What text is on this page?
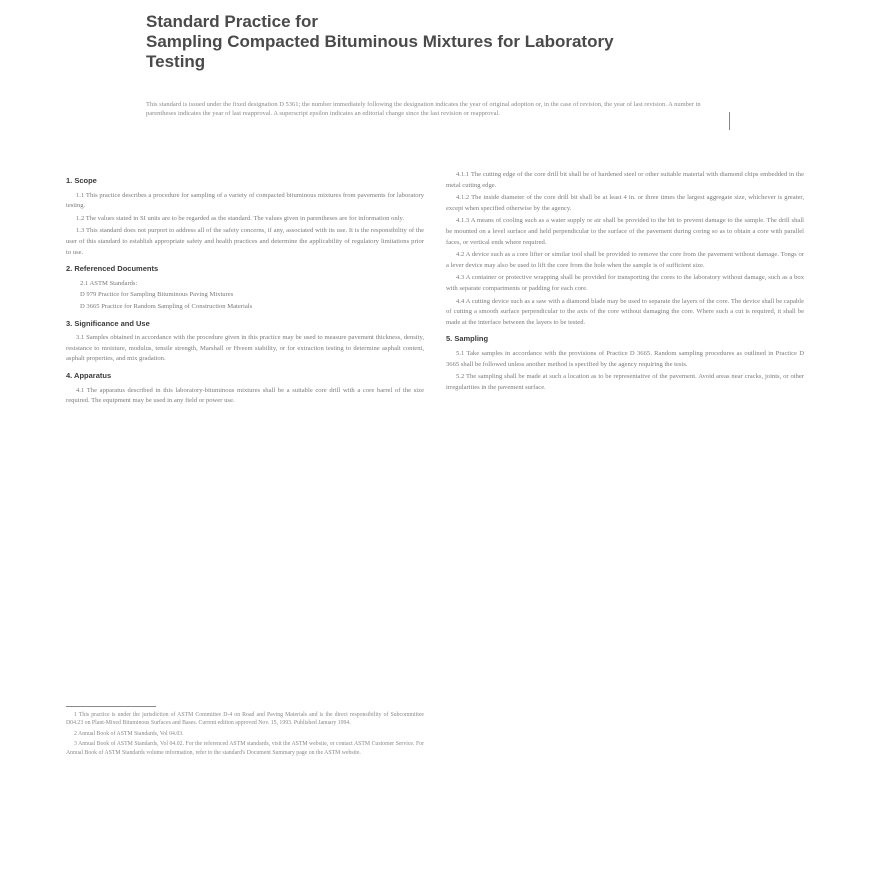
Standard Practice for
Sampling Compacted Bituminous Mixtures for Laboratory
Testing
This standard is issued under the fixed designation D 5361; the number immediately following the designation indicates the year of original adoption or, in the case of revision, the year of last revision. A number in parentheses indicates the year of last reapproval. A superscript epsilon indicates an editorial change since the last revision or reapproval.
1. Scope

1.1 This practice describes a procedure for sampling of a variety of compacted bituminous mixtures from pavements for laboratory testing.

1.2 The values stated in SI units are to be regarded as the standard. The values given in parentheses are for information only.

1.3 This standard does not purport to address all of the safety concerns, if any, associated with its use. It is the responsibility of the user of this standard to establish appropriate safety and health practices and determine the applicability of regulatory limitations prior to use.

2. Referenced Documents

2.1 ASTM Standards:

D 979 Practice for Sampling Bituminous Paving Mixtures

D 3665 Practice for Random Sampling of Construction Materials

3. Significance and Use

3.1 Samples obtained in accordance with the procedure given in this practice may be used to measure pavement thickness, density, resistance to moisture, modulus, tensile strength, Marshall or Hveem stability, or for extraction testing to determine asphalt content, asphalt properties, and mix gradation.

4. Apparatus

4.1 The apparatus described in this laboratory-bituminous mixtures shall be a suitable core drill with a core barrel of the size required. The equipment may be used in any field or power use.

1 This practice is under the jurisdiction of ASTM Committee D-4 on Road and Paving Materials and is the direct responsibility of Subcommittee D04.23 on Plant-Mixed Bituminous Surfaces and Bases. Current edition approved Nov. 15, 1993. Published January 1994.

2 Annual Book of ASTM Standards, Vol 04.03.

3 Annual Book of ASTM Standards, Vol 04.02. For the referenced ASTM standards, visit the ASTM website, or contact ASTM Customer Service. For Annual Book of ASTM Standards volume information, refer to the standard's Document Summary page on the ASTM website.

4.1.1 The cutting edge of the core drill bit shall be of hardened steel or other suitable material with diamond chips embedded in the metal cutting edge.

4.1.2 The inside diameter of the core drill bit shall be at least 4 in. or three times the largest aggregate size, whichever is greater, except when specified otherwise by the agency.

4.1.3 A means of cooling such as a water supply or air shall be provided to the bit to prevent damage to the sample. The drill shall be mounted on a level surface and held perpendicular to the surface of the pavement during coring so as to obtain a core with parallel faces, or vertical ends where required.

4.2 A device such as a core lifter or similar tool shall be provided to remove the core from the pavement without damage. Tongs or a lever device may also be used to lift the core from the hole when the sample is of sufficient size.

4.3 A container or protective wrapping shall be provided for transporting the cores to the laboratory without damage, such as a box with separate compartments or padding for each core.

4.4 A cutting device such as a saw with a diamond blade may be used to separate the layers of the core. The device shall be capable of cutting a smooth surface perpendicular to the axis of the core without damaging the core. Where such a cut is required, it shall be made at the interface between the layers to be tested.

5. Sampling

5.1 Take samples in accordance with the provisions of Practice D 3665. Random sampling procedures as outlined in Practice D 3665 shall be followed unless another method is specified by the agency requiring the tests.

5.2 The sampling shall be made at such a location as to be representative of the pavement. Avoid areas near cracks, joints, or other irregularities in the pavement surface.
